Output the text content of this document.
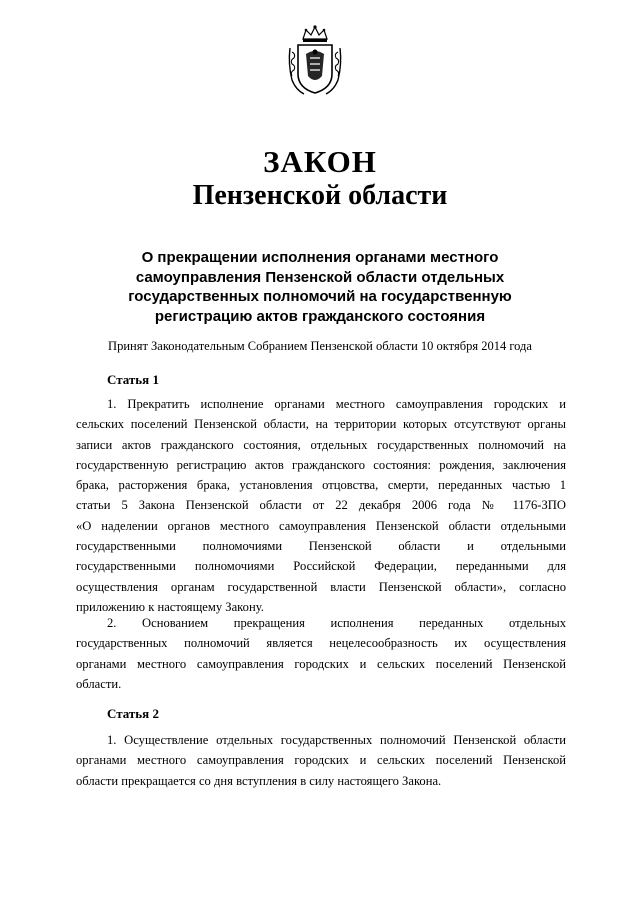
ЗАКОН
Пензенской области
О прекращении исполнения органами местного
самоуправления Пензенской области отдельных
государственных полномочий на государственную
регистрацию актов гражданского состояния
Принят Законодательным Собранием Пензенской области 10 октября 2014 года
Статья 1
1. Прекратить исполнение органами местного самоуправления городских и
сельских поселений Пензенской области, на территории которых отсутствуют органы
записи актов гражданского состояния, отдельных государственных полномочий на
государственную регистрацию актов гражданского состояния: рождения, заключения
брака, расторжения брака, установления отцовства, смерти, переданных частью 1
статьи 5 Закона Пензенской области от 22 декабря 2006 года № 1176-ЗПО
«О наделении органов местного самоуправления Пензенской области отдельными
государственными полномочиями Пензенской области и отдельными
государственными полномочиями Российской Федерации, переданными для
осуществления органам государственной власти Пензенской области», согласно
приложению к настоящему Закону.
2. Основанием прекращения исполнения переданных отдельных
государственных полномочий является нецелесообразность их осуществления
органами местного самоуправления городских и сельских поселений Пензенской
области.
Статья 2
1. Осуществление отдельных государственных полномочий Пензенской области
органами местного самоуправления городских и сельских поселений Пензенской
области прекращается со дня вступления в силу настоящего Закона.
